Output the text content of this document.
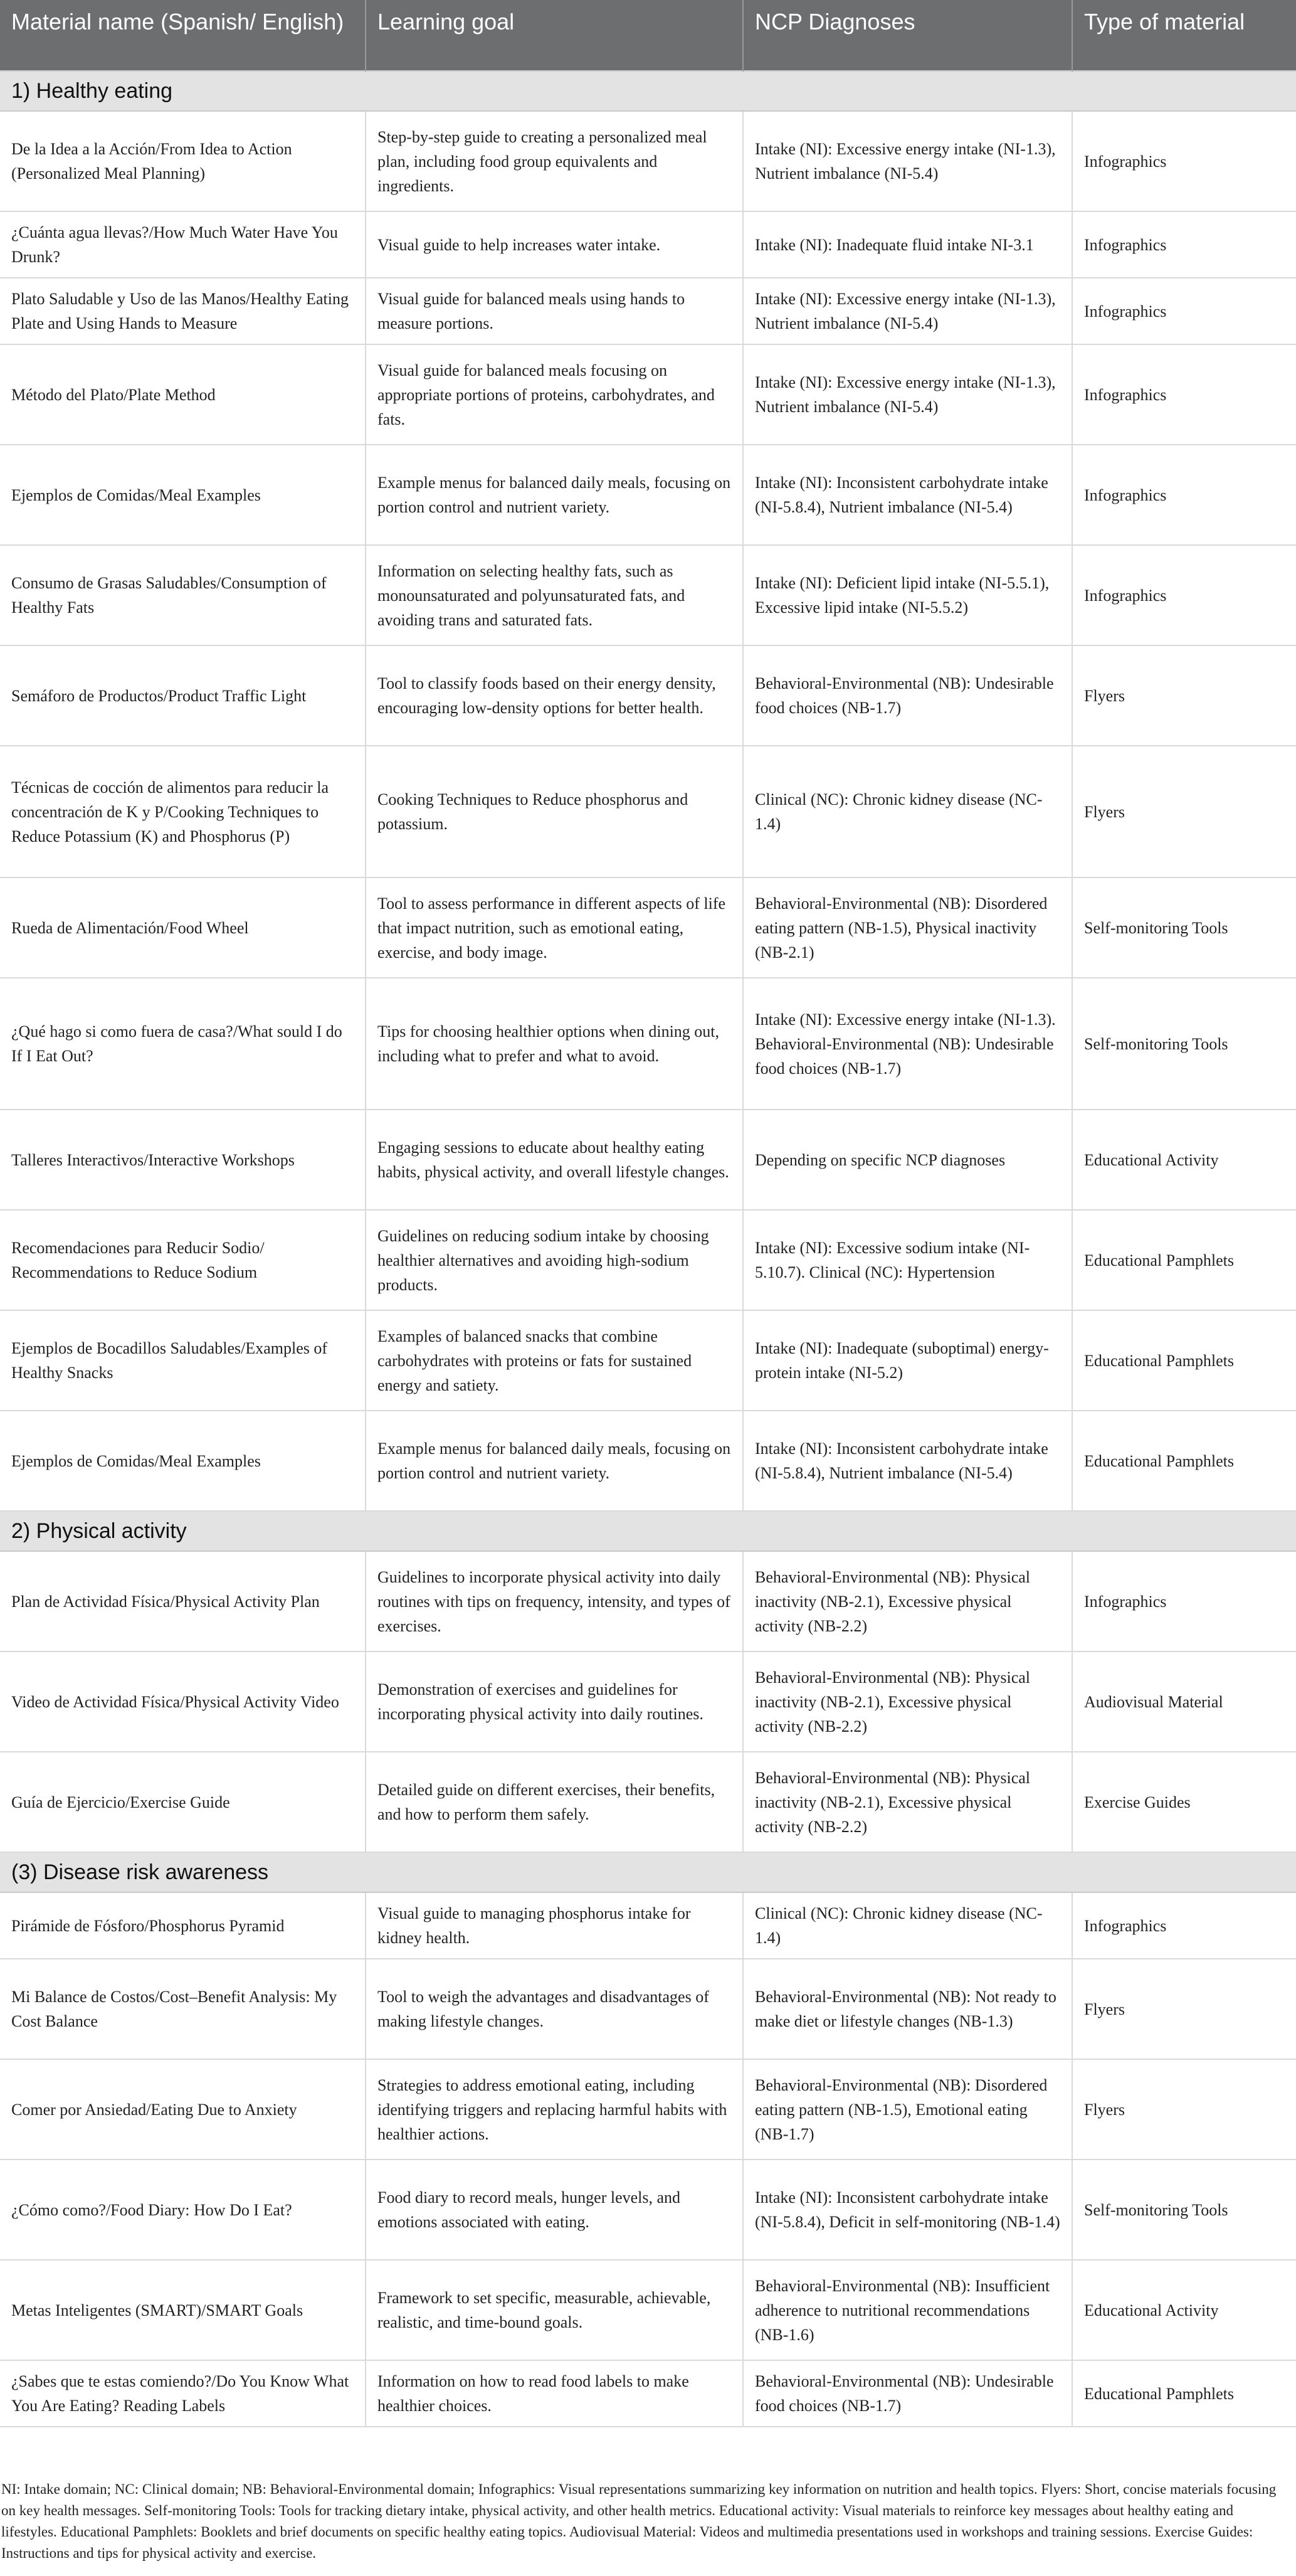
Material name (Spanish/ English)	Learning goal	NCP Diagnoses	Type of material
1) Healthy eating			
De la Idea a la Acción/From Idea to Action (Personalized Meal Planning)	Step-by-step guide to creating a personalized meal plan, including food group equivalents and ingredients.	Intake (NI): Excessive energy intake (NI-1.3), Nutrient imbalance (NI-5.4)	Infographics
¿Cuánta agua llevas?/How Much Water Have You Drunk?	Visual guide to help increases water intake.	Intake (NI): Inadequate fluid intake NI-3.1	Infographics
Plato Saludable y Uso de las Manos/Healthy Eating Plate and Using Hands to Measure	Visual guide for balanced meals using hands to measure portions.	Intake (NI): Excessive energy intake (NI-1.3), Nutrient imbalance (NI-5.4)	Infographics
Método del Plato/Plate Method	Visual guide for balanced meals focusing on appropriate portions of proteins, carbohydrates, and fats.	Intake (NI): Excessive energy intake (NI-1.3), Nutrient imbalance (NI-5.4)	Infographics
Ejemplos de Comidas/Meal Examples	Example menus for balanced daily meals, focusing on portion control and nutrient variety.	Intake (NI): Inconsistent carbohydrate intake (NI-5.8.4), Nutrient imbalance (NI-5.4)	Infographics
Consumo de Grasas Saludables/Consumption of Healthy Fats	Information on selecting healthy fats, such as monounsaturated and polyunsaturated fats, and avoiding trans and saturated fats.	Intake (NI): Deficient lipid intake (NI-5.5.1), Excessive lipid intake (NI-5.5.2)	Infographics
Semáforo de Productos/Product Traffic Light	Tool to classify foods based on their energy density, encouraging low-density options for better health.	Behavioral-Environmental (NB): Undesirable food choices (NB-1.7)	Flyers
Técnicas de cocción de alimentos para reducir la concentración de K y P/Cooking Techniques to Reduce Potassium (K) and Phosphorus (P)	Cooking Techniques to Reduce phosphorus and potassium.	Clinical (NC): Chronic kidney disease (NC-1.4)	Flyers
Rueda de Alimentación/Food Wheel	Tool to assess performance in different aspects of life that impact nutrition, such as emotional eating, exercise, and body image.	Behavioral-Environmental (NB): Disordered eating pattern (NB-1.5), Physical inactivity (NB-2.1)	Self-monitoring Tools
¿Qué hago si como fuera de casa?/What sould I do If I Eat Out?	Tips for choosing healthier options when dining out, including what to prefer and what to avoid.	Intake (NI): Excessive energy intake (NI-1.3). Behavioral-Environmental (NB): Undesirable food choices (NB-1.7)	Self-monitoring Tools
Talleres Interactivos/Interactive Workshops	Engaging sessions to educate about healthy eating habits, physical activity, and overall lifestyle changes.	Depending on specific NCP diagnoses	Educational Activity
Recomendaciones para Reducir Sodio/ Recommendations to Reduce Sodium	Guidelines on reducing sodium intake by choosing healthier alternatives and avoiding high-sodium products.	Intake (NI): Excessive sodium intake (NI-5.10.7). Clinical (NC): Hypertension	Educational Pamphlets
Ejemplos de Bocadillos Saludables/Examples of Healthy Snacks	Examples of balanced snacks that combine carbohydrates with proteins or fats for sustained energy and satiety.	Intake (NI): Inadequate (suboptimal) energy-protein intake (NI-5.2)	Educational Pamphlets
Ejemplos de Comidas/Meal Examples	Example menus for balanced daily meals, focusing on portion control and nutrient variety.	Intake (NI): Inconsistent carbohydrate intake (NI-5.8.4), Nutrient imbalance (NI-5.4)	Educational Pamphlets
2) Physical activity			
Plan de Actividad Física/Physical Activity Plan	Guidelines to incorporate physical activity into daily routines with tips on frequency, intensity, and types of exercises.	Behavioral-Environmental (NB): Physical inactivity (NB-2.1), Excessive physical activity (NB-2.2)	Infographics
Video de Actividad Física/Physical Activity Video	Demonstration of exercises and guidelines for incorporating physical activity into daily routines.	Behavioral-Environmental (NB): Physical inactivity (NB-2.1), Excessive physical activity (NB-2.2)	Audiovisual Material
Guía de Ejercicio/Exercise Guide	Detailed guide on different exercises, their benefits, and how to perform them safely.	Behavioral-Environmental (NB): Physical inactivity (NB-2.1), Excessive physical activity (NB-2.2)	Exercise Guides
(3) Disease risk awareness			
Pirámide de Fósforo/Phosphorus Pyramid	Visual guide to managing phosphorus intake for kidney health.	Clinical (NC): Chronic kidney disease (NC-1.4)	Infographics
Mi Balance de Costos/Cost–Benefit Analysis: My Cost Balance	Tool to weigh the advantages and disadvantages of making lifestyle changes.	Behavioral-Environmental (NB): Not ready to make diet or lifestyle changes (NB-1.3)	Flyers
Comer por Ansiedad/Eating Due to Anxiety	Strategies to address emotional eating, including identifying triggers and replacing harmful habits with healthier actions.	Behavioral-Environmental (NB): Disordered eating pattern (NB-1.5), Emotional eating (NB-1.7)	Flyers
¿Cómo como?/Food Diary: How Do I Eat?	Food diary to record meals, hunger levels, and emotions associated with eating.	Intake (NI): Inconsistent carbohydrate intake (NI-5.8.4), Deficit in self-monitoring (NB-1.4)	Self-monitoring Tools
Metas Inteligentes (SMART)/SMART Goals	Framework to set specific, measurable, achievable, realistic, and time-bound goals.	Behavioral-Environmental (NB): Insufficient adherence to nutritional recommendations (NB-1.6)	Educational Activity
¿Sabes que te estas comiendo?/Do You Know What You Are Eating? Reading Labels	Information on how to read food labels to make healthier choices.	Behavioral-Environmental (NB): Undesirable food choices (NB-1.7)	Educational Pamphlets
NI: Intake domain; NC: Clinical domain; NB: Behavioral-Environmental domain; Infographics: Visual representations summarizing key information on nutrition and health topics. Flyers: Short, concise materials focusing on key health messages. Self-monitoring Tools: Tools for tracking dietary intake, physical activity, and other health metrics. Educational activity: Visual materials to reinforce key messages about healthy eating and lifestyles. Educational Pamphlets: Booklets and brief documents on specific healthy eating topics. Audiovisual Material: Videos and multimedia presentations used in workshops and training sessions. Exercise Guides: Instructions and tips for physical activity and exercise.
